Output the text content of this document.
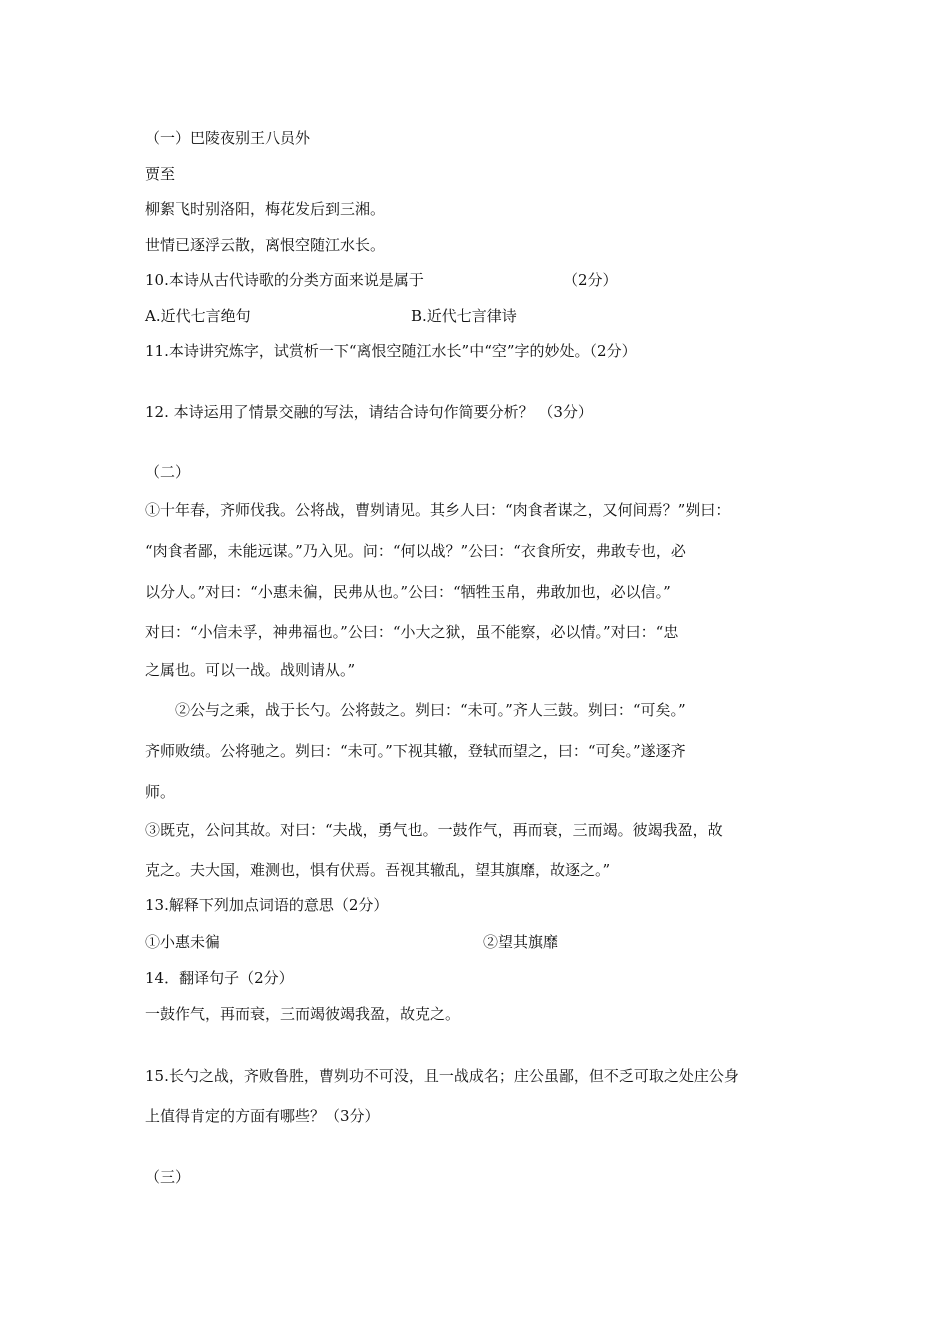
（一）巴陵夜别王八员外
贾至
柳絮飞时别洛阳，梅花发后到三湘。
世情已逐浮云散，离恨空随江水长。
10.本诗从古代诗歌的分类方面来说是属于	（2分）
A.近代七言绝句	B.近代七言律诗
11.本诗讲究炼字，试赏析一下“离恨空随江水长”中“空”字的妙处。（2分）
12. 本诗运用了情景交融的写法，请结合诗句作简要分析？ （3分）
（二）
①十年春，齐师伐我。公将战，曹刿请见。其乡人曰：“肉食者谋之，又何间焉？”刿曰：
“肉食者鄙，未能远谋。”乃入见。问：“何以战？”公曰：“衣食所安，弗敢专也，必
以分人。”对曰：“小惠未徧，民弗从也。”公曰：“牺牲玉帛，弗敢加也，必以信。”
对曰：“小信未孚，神弗福也。”公曰：“小大之狱，虽不能察，必以情。”对曰：“忠
之属也。可以一战。战则请从。”
　　②公与之乘，战于长勺。公将鼓之。刿曰：“未可。”齐人三鼓。刿曰：“可矣。”
齐师败绩。公将驰之。刿曰：“未可。”下视其辙，登轼而望之，曰：“可矣。”遂逐齐
师。
③既克，公问其故。对曰：“夫战，勇气也。一鼓作气，再而衰，三而竭。彼竭我盈，故
克之。夫大国，难测也，惧有伏焉。吾视其辙乱，望其旗靡，故逐之。”
13.解释下列加点词语的意思（2分）
①小惠未徧	②望其旗靡
14．翻译句子（2分）
一鼓作气，再而衰，三而竭彼竭我盈，故克之。
15.长勺之战，齐败鲁胜，曹刿功不可没，且一战成名；庄公虽鄙，但不乏可取之处庄公身
上值得肯定的方面有哪些？（3分）
（三）
